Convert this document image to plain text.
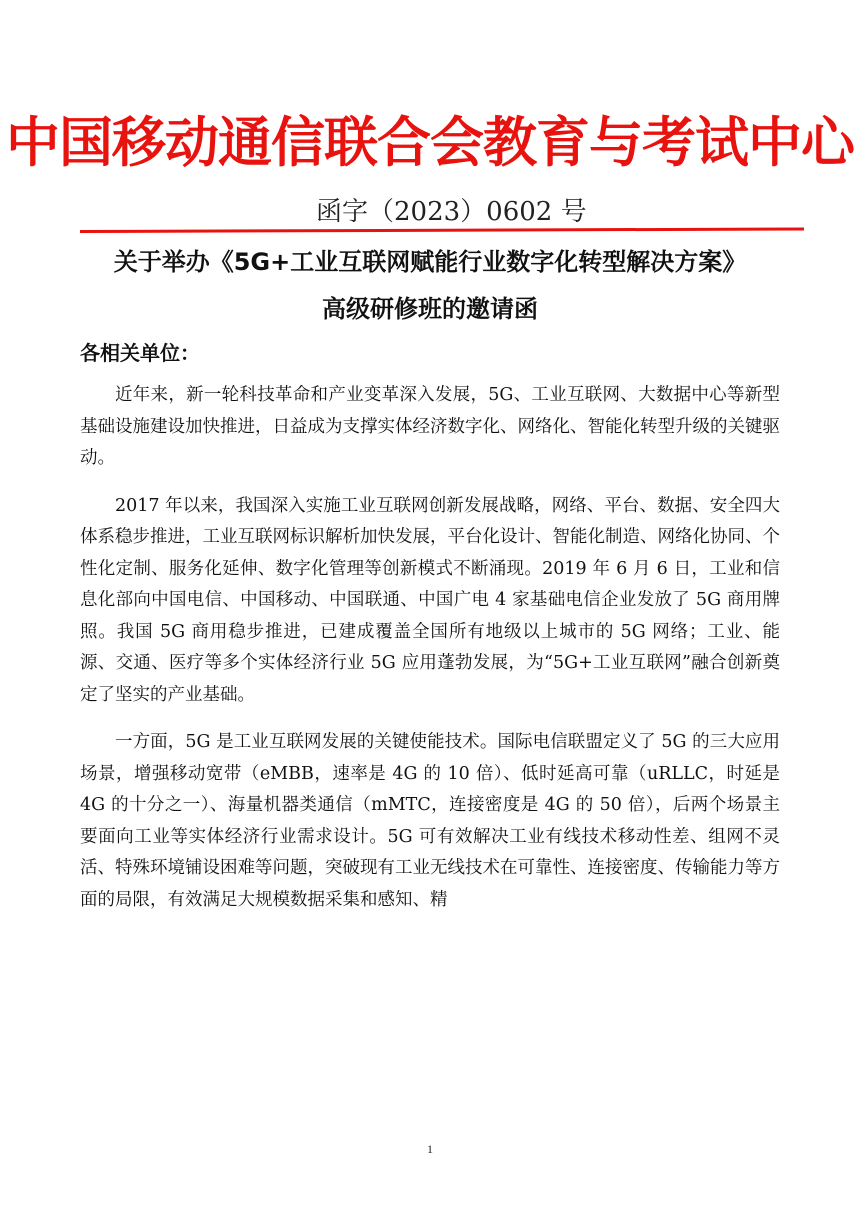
中国移动通信联合会教育与考试中心
函字（2023）0602 号
关于举办《5G+工业互联网赋能行业数字化转型解决方案》
高级研修班的邀请函
各相关单位：

近年来，新一轮科技革命和产业变革深入发展，5G、工业互联网、大数据中心等新型基础设施建设加快推进，日益成为支撑实体经济数字化、网络化、智能化转型升级的关键驱动。

2017 年以来，我国深入实施工业互联网创新发展战略，网络、平台、数据、安全四大体系稳步推进，工业互联网标识解析加快发展，平台化设计、智能化制造、网络化协同、个性化定制、服务化延伸、数字化管理等创新模式不断涌现。2019 年 6 月 6 日，工业和信息化部向中国电信、中国移动、中国联通、中国广电 4 家基础电信企业发放了 5G 商用牌照。我国 5G 商用稳步推进，已建成覆盖全国所有地级以上城市的 5G 网络；工业、能源、交通、医疗等多个实体经济行业 5G 应用蓬勃发展，为“5G+工业互联网”融合创新奠定了坚实的产业基础。

一方面，5G 是工业互联网发展的关键使能技术。国际电信联盟定义了 5G 的三大应用场景，增强移动宽带（eMBB，速率是 4G 的 10 倍）、低时延高可靠（uRLLC，时延是 4G 的十分之一）、海量机器类通信（mMTC，连接密度是 4G 的 50 倍），后两个场景主要面向工业等实体经济行业需求设计。5G 可有效解决工业有线技术移动性差、组网不灵活、特殊环境铺设困难等问题，突破现有工业无线技术在可靠性、连接密度、传输能力等方面的局限，有效满足大规模数据采集和感知、精

1
